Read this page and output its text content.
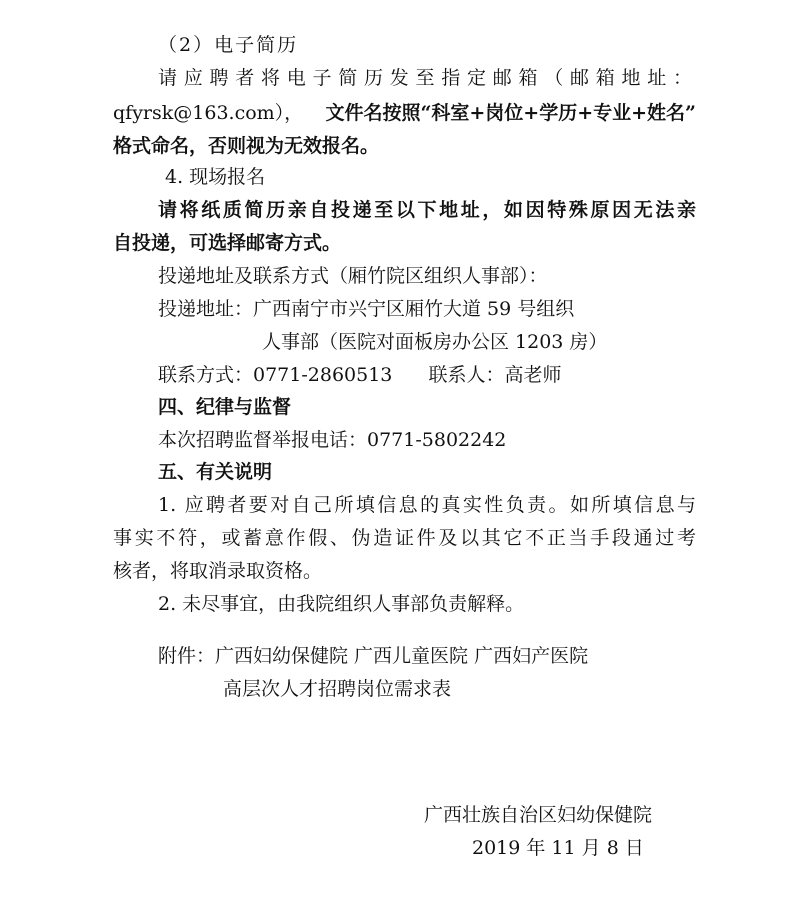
（2）电子简历
请应聘者将电子简历发至指定邮箱（邮箱地址：
qfyrsk@163.com）， 文件名按照“科室+岗位+学历+专业+姓名”
格式命名，否则视为无效报名。
4. 现场报名
请将纸质简历亲自投递至以下地址，如因特殊原因无法亲
自投递，可选择邮寄方式。
投递地址及联系方式（厢竹院区组织人事部）：
投递地址：广西南宁市兴宁区厢竹大道 59 号组织
人事部（医院对面板房办公区 1203 房）
联系方式：0771-2860513 联系人：高老师
四、纪律与监督
本次招聘监督举报电话：0771-5802242
五、有关说明
1. 应聘者要对自己所填信息的真实性负责。如所填信息与
事实不符，或蓄意作假、伪造证件及以其它不正当手段通过考
核者，将取消录取资格。
2. 未尽事宜，由我院组织人事部负责解释。
附件：广西妇幼保健院 广西儿童医院 广西妇产医院
高层次人才招聘岗位需求表
广西壮族自治区妇幼保健院
2019 年 11 月 8 日
